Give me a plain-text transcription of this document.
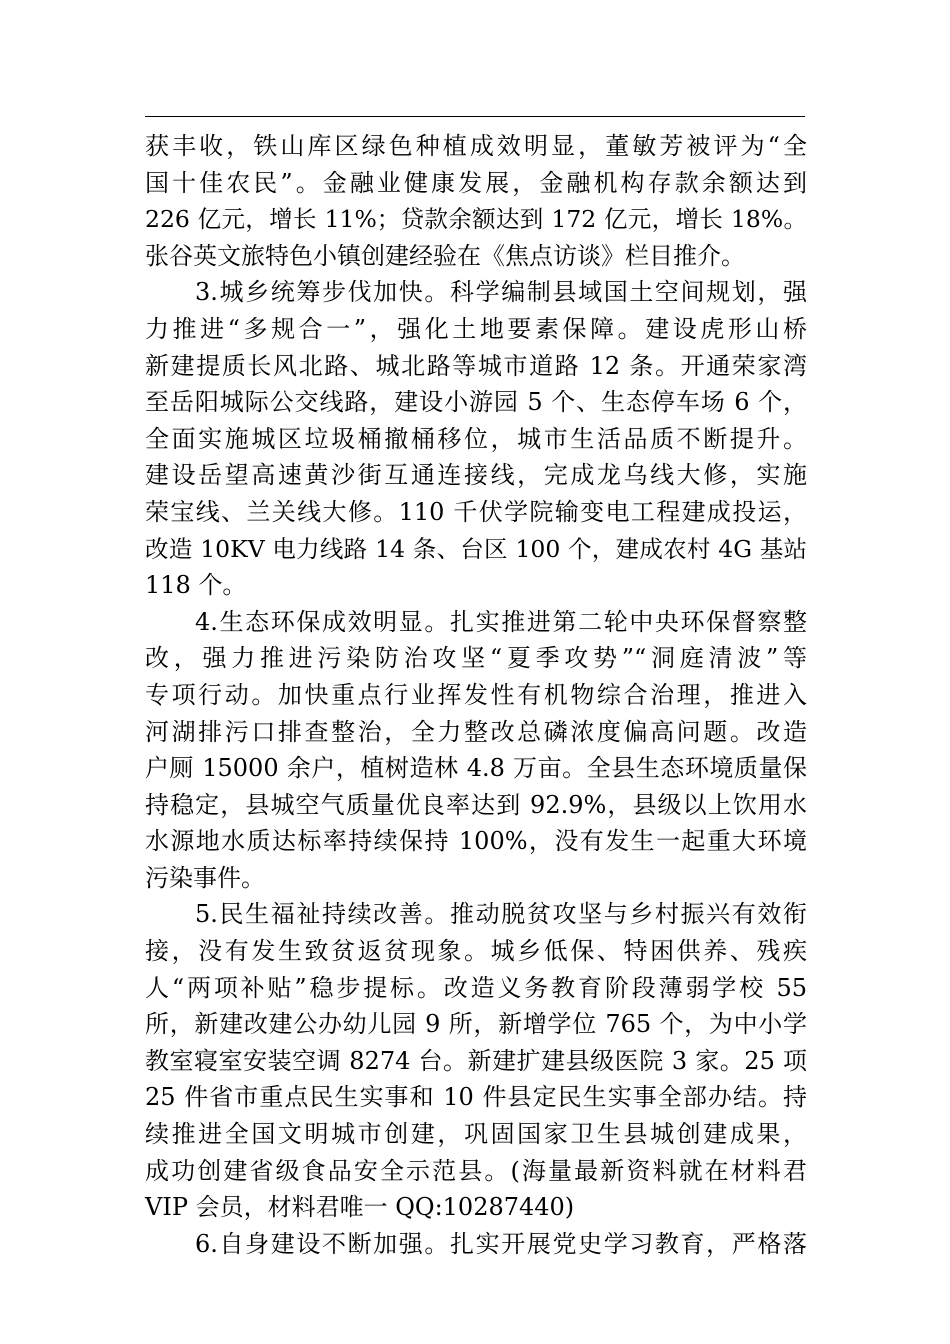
获丰收，铁山库区绿色种植成效明显，董敏芳被评为“全
国十佳农民”。金融业健康发展，金融机构存款余额达到
226 亿元，增长 11%；贷款余额达到 172 亿元，增长 18%。
张谷英文旅特色小镇创建经验在《焦点访谈》栏目推介。
3.城乡统筹步伐加快。科学编制县域国土空间规划，强
力推进“多规合一”，强化土地要素保障。建设虎形山桥
新建提质长风北路、城北路等城市道路 12 条。开通荣家湾
至岳阳城际公交线路，建设小游园 5 个、生态停车场 6 个，
全面实施城区垃圾桶撤桶移位，城市生活品质不断提升。
建设岳望高速黄沙街互通连接线，完成龙乌线大修，实施
荣宝线、兰关线大修。110 千伏学院输变电工程建成投运，
改造 10KV 电力线路 14 条、台区 100 个，建成农村 4G 基站
118 个。
4.生态环保成效明显。扎实推进第二轮中央环保督察整
改，强力推进污染防治攻坚“夏季攻势”“洞庭清波”等
专项行动。加快重点行业挥发性有机物综合治理，推进入
河湖排污口排查整治，全力整改总磷浓度偏高问题。改造
户厕 15000 余户，植树造林 4.8 万亩。全县生态环境质量保
持稳定，县城空气质量优良率达到 92.9%，县级以上饮用水
水源地水质达标率持续保持 100%，没有发生一起重大环境
污染事件。
5.民生福祉持续改善。推动脱贫攻坚与乡村振兴有效衔
接，没有发生致贫返贫现象。城乡低保、特困供养、残疾
人“两项补贴”稳步提标。改造义务教育阶段薄弱学校 55
所，新建改建公办幼儿园 9 所，新增学位 765 个，为中小学
教室寝室安装空调 8274 台。新建扩建县级医院 3 家。25 项
25 件省市重点民生实事和 10 件县定民生实事全部办结。持
续推进全国文明城市创建，巩固国家卫生县城创建成果，
成功创建省级食品安全示范县。(海量最新资料就在材料君
VIP 会员，材料君唯一 QQ:10287440)
6.自身建设不断加强。扎实开展党史学习教育，严格落
